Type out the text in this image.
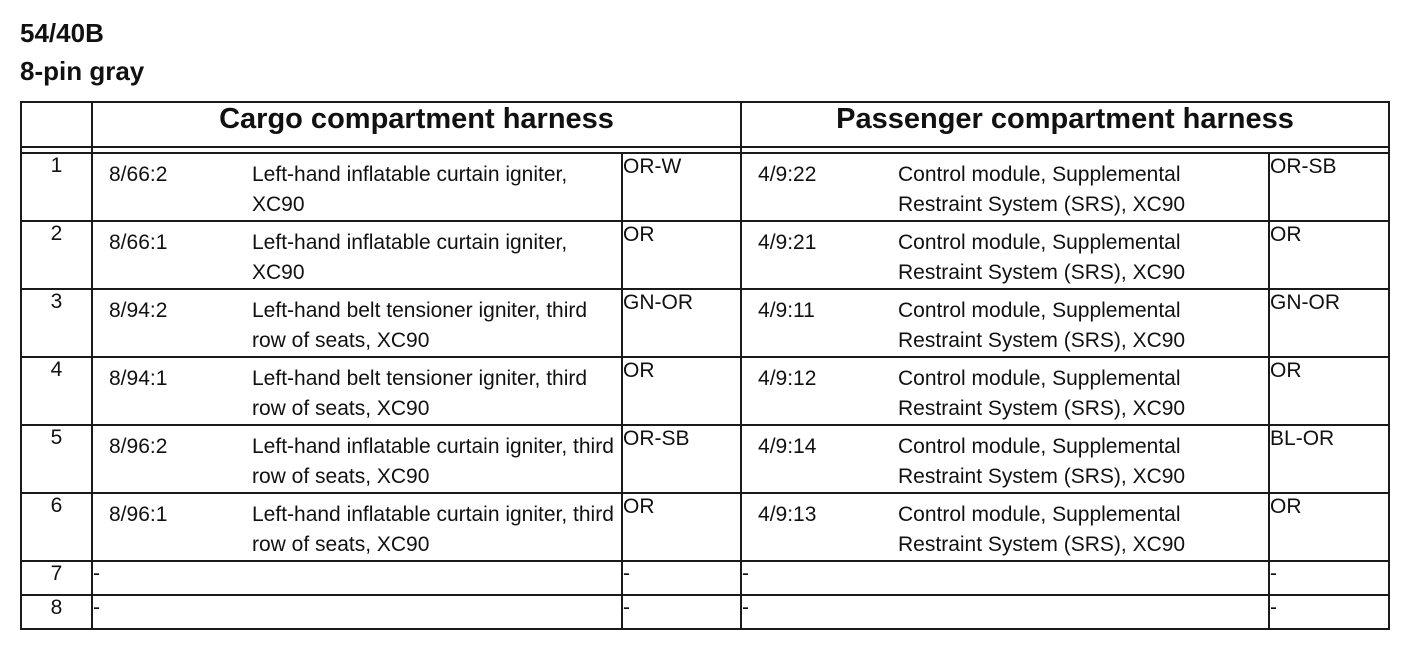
54/40B
8-pin gray
	Cargo compartment harness		Passenger compartment harness	

1	8/66:2 Left-hand inflatable curtain igniter, XC90	OR-W	4/9:22 Control module, Supplemental Restraint System (SRS), XC90	OR-SB
2	8/66:1 Left-hand inflatable curtain igniter, XC90	OR	4/9:21 Control module, Supplemental Restraint System (SRS), XC90	OR
3	8/94:2 Left-hand belt tensioner igniter, third row of seats, XC90	GN-OR	4/9:11 Control module, Supplemental Restraint System (SRS), XC90	GN-OR
4	8/94:1 Left-hand belt tensioner igniter, third row of seats, XC90	OR	4/9:12 Control module, Supplemental Restraint System (SRS), XC90	OR
5	8/96:2 Left-hand inflatable curtain igniter, third row of seats, XC90	OR-SB	4/9:14 Control module, Supplemental Restraint System (SRS), XC90	BL-OR
6	8/96:1 Left-hand inflatable curtain igniter, third row of seats, XC90	OR	4/9:13 Control module, Supplemental Restraint System (SRS), XC90	OR
7	-	-	-	-
8	-	-	-	-
